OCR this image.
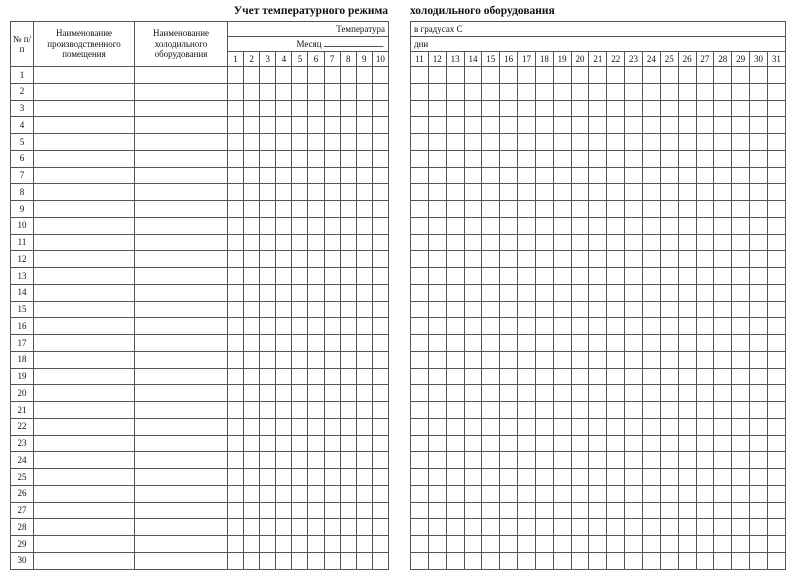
Учет температурного режима холодильного оборудования
№ п/п	Наименование производственного помещения	Наименование холодильного оборудования	Температура									
			Месяц .									
			1	2	3	4	5	6	7	8	9	10
1												
2												
3												
4												
5												
6												
7												
8												
9												
10												
11												
12												
13												
14												
15												
16												
17												
18												
19												
20												
21												
22												
23												
24												
25												
26												
27												
28												
29												
30												
в градусах С																				
дни																				
11	12	13	14	15	16	17	18	19	20	21	22	23	24	25	26	27	28	29	30	31
